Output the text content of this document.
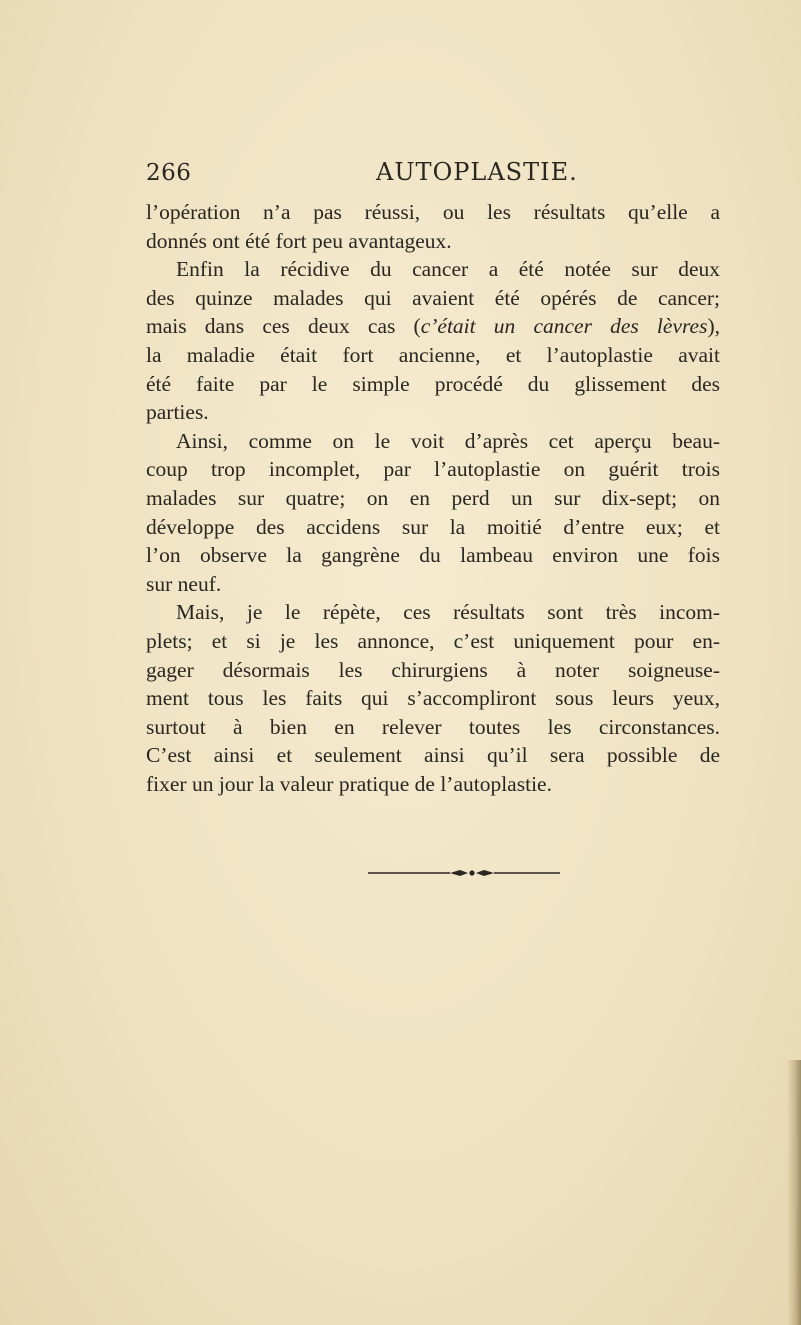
266	AUTOPLASTIE.

l’opération n’a pas réussi, ou les résultats qu’elle a
donnés ont été fort peu avantageux.

Enfin la récidive du cancer a été notée sur deux
des quinze malades qui avaient été opérés de cancer;
mais dans ces deux cas (c’était un cancer des lèvres),
la maladie était fort ancienne, et l’autoplastie avait
été faite par le simple procédé du glissement des
parties.

Ainsi, comme on le voit d’après cet aperçu beau-
coup trop incomplet, par l’autoplastie on guérit trois
malades sur quatre; on en perd un sur dix-sept; on
développe des accidens sur la moitié d’entre eux; et
l’on observe la gangrène du lambeau environ une fois
sur neuf.

Mais, je le répète, ces résultats sont très incom-
plets; et si je les annonce, c’est uniquement pour en-
gager désormais les chirurgiens à noter soigneuse-
ment tous les faits qui s’accompliront sous leurs yeux,
surtout à bien en relever toutes les circonstances.
C’est ainsi et seulement ainsi qu’il sera possible de
fixer un jour la valeur pratique de l’autoplastie.
